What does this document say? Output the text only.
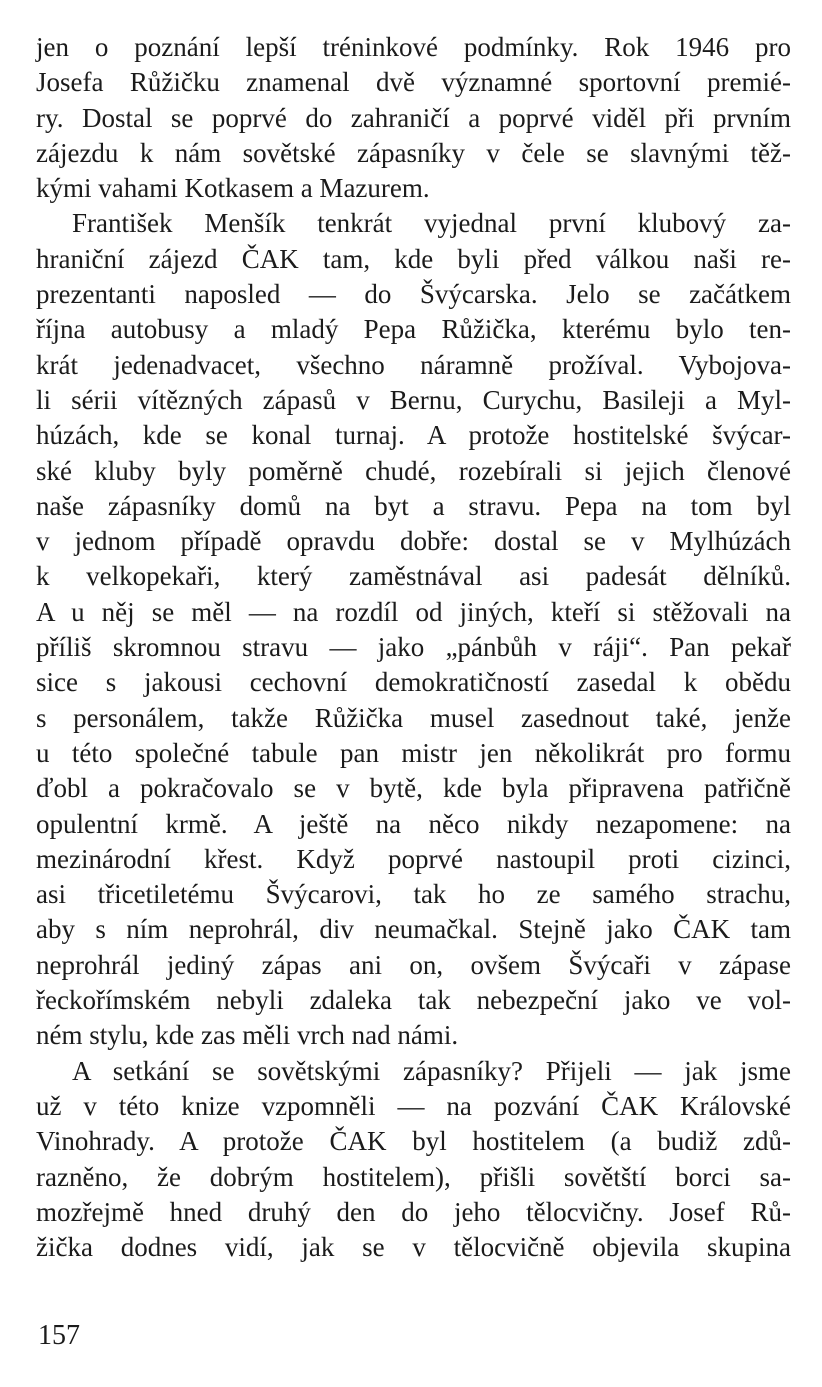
jen o poznání lepší tréninkové podmínky. Rok 1946 pro
Josefa Růžičku znamenal dvě významné sportovní premié-
ry. Dostal se poprvé do zahraničí a poprvé viděl při prvním
zájezdu k nám sovětské zápasníky v čele se slavnými těž-
kými vahami Kotkasem a Mazurem.
František Menšík tenkrát vyjednal první klubový za-
hraniční zájezd ČAK tam, kde byli před válkou naši re-
prezentanti naposled — do Švýcarska. Jelo se začátkem
října autobusy a mladý Pepa Růžička, kterému bylo ten-
krát jedenadvacet, všechno náramně prožíval. Vybojova-
li sérii vítězných zápasů v Bernu, Curychu, Basileji a Myl-
húzách, kde se konal turnaj. A protože hostitelské švýcar-
ské kluby byly poměrně chudé, rozebírali si jejich členové
naše zápasníky domů na byt a stravu. Pepa na tom byl
v jednom případě opravdu dobře: dostal se v Mylhúzách
k velkopekaři, který zaměstnával asi padesát dělníků.
A u něj se měl — na rozdíl od jiných, kteří si stěžovali na
příliš skromnou stravu — jako „pánbůh v ráji“. Pan pekař
sice s jakousi cechovní demokratičností zasedal k obědu
s personálem, takže Růžička musel zasednout také, jenže
u této společné tabule pan mistr jen několikrát pro formu
ďobl a pokračovalo se v bytě, kde byla připravena patřičně
opulentní krmě. A ještě na něco nikdy nezapomene: na
mezinárodní křest. Když poprvé nastoupil proti cizinci,
asi třicetiletému Švýcarovi, tak ho ze samého strachu,
aby s ním neprohrál, div neumačkal. Stejně jako ČAK tam
neprohrál jediný zápas ani on, ovšem Švýcaři v zápase
řeckořímském nebyli zdaleka tak nebezpeční jako ve vol-
ném stylu, kde zas měli vrch nad námi.
A setkání se sovětskými zápasníky? Přijeli — jak jsme
už v této knize vzpomněli — na pozvání ČAK Královské
Vinohrady. A protože ČAK byl hostitelem (a budiž zdů-
razněno, že dobrým hostitelem), přišli sovětští borci sa-
mozřejmě hned druhý den do jeho tělocvičny. Josef Rů-
žička dodnes vidí, jak se v tělocvičně objevila skupina
157
